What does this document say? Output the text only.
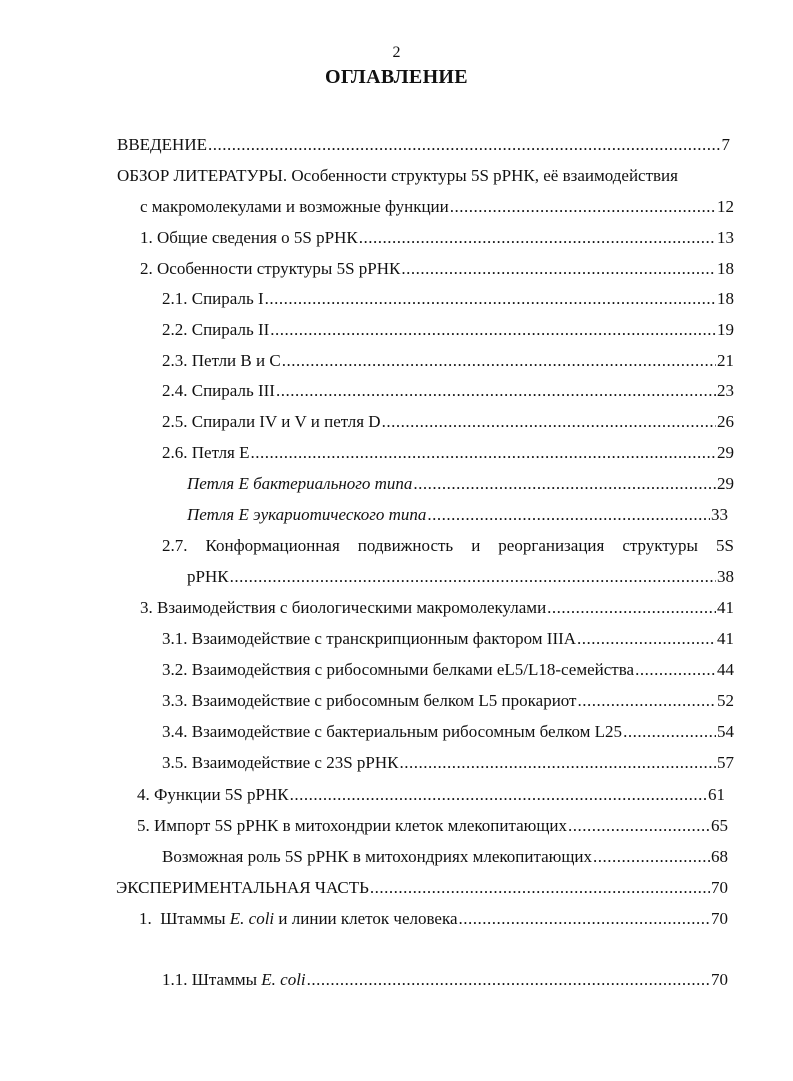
2
ОГЛАВЛЕНИЕ
ВВЕДЕНИЕ .....	7
ОБЗОР ЛИТЕРАТУРЫ. Особенности структуры 5S рРНК, её взаимодействия
с макромолекулами и возможные функции .....	12
1. Общие сведения о 5S рРНК .....	13
2. Особенности структуры 5S рРНК .....	18
2.1. Спираль I .....	18
2.2. Спираль II .....	19
2.3. Петли B и C .....	21
2.4. Спираль III .....	23
2.5. Спирали IV и V и петля D .....	26
2.6. Петля E .....	29
Петля E бактериального типа .....	29
Петля E эукариотического типа .....	33
2.7. Конформационная подвижность и реорганизация структуры 5S
рРНК .....	38
3. Взаимодействия с биологическими макромолекулами .....	41
3.1. Взаимодействие с транскрипционным фактором IIIA .....	41
3.2. Взаимодействия с рибосомными белками eL5/L18-семейства .....	44
3.3. Взаимодействие с рибосомным белком L5 прокариот .....	52
3.4. Взаимодействие с бактериальным рибосомным белком L25 .....	54
3.5. Взаимодействие с 23S рРНК .....	57
4. Функции 5S рРНК .....	61
5. Импорт 5S рРНК в митохондрии клеток млекопитающих .....	65
Возможная роль 5S рРНК в митохондриях млекопитающих .....	68
ЭКСПЕРИМЕНТАЛЬНАЯ ЧАСТЬ .....	70
1.  Штаммы E. coli и линии клеток человека .....	70
1.1. Штаммы E. coli .....	70
